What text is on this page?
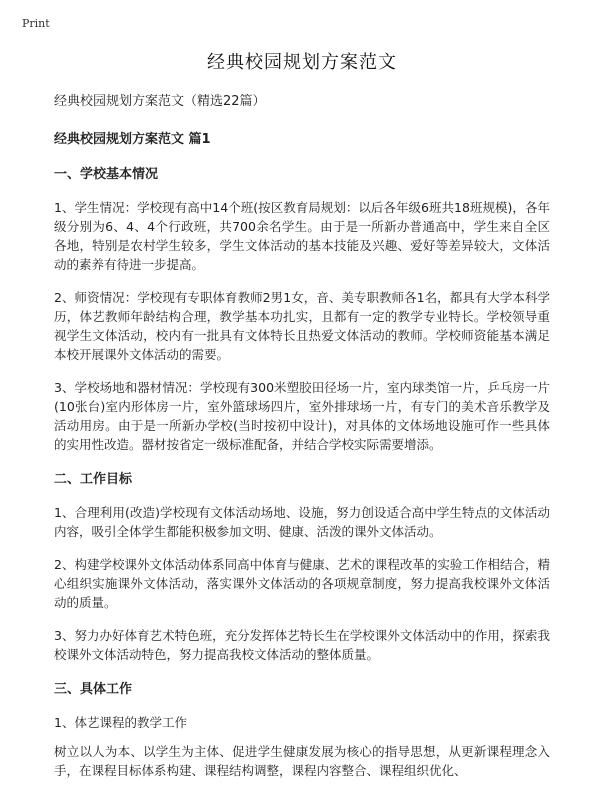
Print
经典校园规划方案范文

经典校园规划方案范文（精选22篇）

经典校园规划方案范文 篇1

一、学校基本情况

1、学生情况：学校现有高中14个班(按区教育局规划：以后各年级6班共18班规模)，各年级分别为6、4、4个行政班，共700余名学生。由于是一所新办普通高中，学生来自全区各地，特别是农村学生较多，学生文体活动的基本技能及兴趣、爱好等差异较大，文体活动的素养有待进一步提高。

2、师资情况：学校现有专职体育教师2男1女，音、美专职教师各1名，都具有大学本科学历，体艺教师年龄结构合理，教学基本功扎实，且都有一定的教学专业特长。学校领导重视学生文体活动，校内有一批具有文体特长且热爱文体活动的教师。学校师资能基本满足本校开展课外文体活动的需要。

3、学校场地和器材情况：学校现有300米塑胶田径场一片，室内球类馆一片，乒乓房一片(10张台)室内形体房一片，室外篮球场四片，室外排球场一片，有专门的美术音乐教学及活动用房。由于是一所新办学校(当时按初中设计)，对具体的文体场地设施可作一些具体的实用性改造。器材按省定一级标准配备，并结合学校实际需要增添。

二、工作目标

1、合理利用(改造)学校现有文体活动场地、设施，努力创设适合高中学生特点的文体活动内容，吸引全体学生都能积极参加文明、健康、活泼的课外文体活动。

2、构建学校课外文体活动体系同高中体育与健康、艺术的课程改革的实验工作相结合，精心组织实施课外文体活动，落实课外文体活动的各项规章制度，努力提高我校课外文体活动的质量。

3、努力办好体育艺术特色班，充分发挥体艺特长生在学校课外文体活动中的作用，探索我校课外文体活动特色，努力提高我校文体活动的整体质量。

三、具体工作

1、体艺课程的教学工作

树立以人为本、以学生为主体、促进学生健康发展为核心的指导思想，从更新课程理念入手，在课程目标体系构建、课程结构调整，课程内容整合、课程组织优化、
